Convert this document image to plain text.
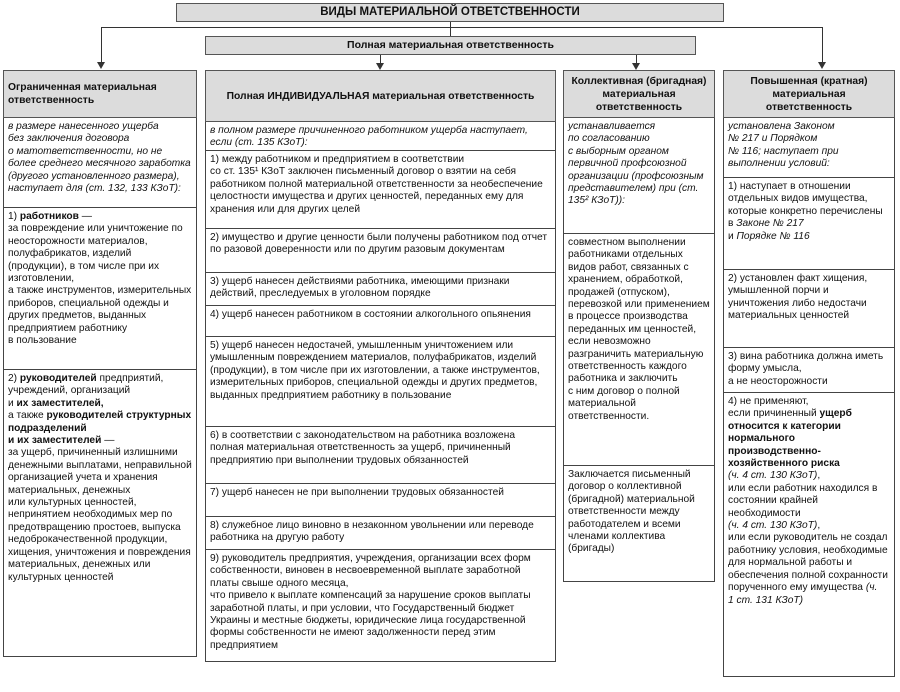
ВИДЫ МАТЕРИАЛЬНОЙ ОТВЕТСТВЕННОСТИ
Полная материальная ответственность
Ограниченная материальная ответственность
в размере нанесенного ущерба
без заключения договора
о матответственности, но не более среднего месячного заработка (другого установленного размера), наступает для (ст. 132, 133 КЗоТ):
1) работников —
за повреждение или уничтожение по неосторожности материалов, полуфабрикатов, изделий (продукции), в том числе при их изготовлении,
а также инструментов, измерительных приборов, специальной одежды и других предметов, выданных предприятием работнику
в пользование
2) руководителей предприятий, учреждений, организаций
и их заместителей,
а также руководителей структурных подразделений
и их заместителей —
за ущерб, причиненный излишними денежными выплатами, неправильной организацией учета и хранения материальных, денежных
или культурных ценностей, непринятием необходимых мер по предотвращению простоев, выпуска недоброкачественной продукции, хищения, уничтожения и повреждения материальных, денежных или культурных ценностей
Полная ИНДИВИДУАЛЬНАЯ материальная ответственность
в полном размере причиненного работником ущерба наступает, если (ст. 135 КЗоТ):
1) между работником и предприятием в соответствии
со ст. 135¹ КЗоТ заключен письменный договор о взятии на себя работником полной материальной ответственности за необеспечение целостности имущества и других ценностей, переданных ему для хранения или для других целей
2) имущество и другие ценности были получены работником под отчет по разовой доверенности или по другим разовым документам
3) ущерб нанесен действиями работника, имеющими признаки действий, преследуемых в уголовном порядке
4) ущерб нанесен работником в состоянии алкогольного опьянения
5) ущерб нанесен недостачей, умышленным уничтожением или умышленным повреждением материалов, полуфабрикатов, изделий (продукции), в том числе при их изготовлении, а также инструментов, измерительных приборов, специальной одежды и других предметов, выданных предприятием работнику в пользование
6) в соответствии с законодательством на работника возложена полная материальная ответственность за ущерб, причиненный предприятию при выполнении трудовых обязанностей
7) ущерб нанесен не при выполнении трудовых обязанностей
8) служебное лицо виновно в незаконном увольнении или переводе работника на другую работу
9) руководитель предприятия, учреждения, организации всех форм собственности, виновен в несвоевременной выплате заработной платы свыше одного месяца,
что привело к выплате компенсаций за нарушение сроков выплаты заработной платы, и при условии, что Государственный бюджет Украины и местные бюджеты, юридические лица государственной формы собственности не имеют задолженности перед этим предприятием
Коллективная (бригадная) материальная ответственность
устанавливается
по согласованию
с выборным органом первичной профсоюзной организации (профсоюзным представителем) при (ст. 135² КЗоТ)):
совместном выполнении работниками отдельных видов работ, связанных с хранением, обработкой, продажей (отпуском), перевозкой или применением в процессе производства переданных им ценностей, если невозможно разграничить материальную ответственность каждого работника и заключить
с ним договор о полной материальной ответственности.
Заключается письменный договор о коллективной (бригадной) материальной ответственности между работодателем и всеми членами коллектива (бригады)
Повышенная (кратная) материальная ответственность
установлена Законом
№ 217 и Порядком
№ 116; наступает при выполнении условий:
1) наступает в отношении отдельных видов имущества, которые конкретно перечислены
в Законе № 217
и Порядке № 116
2) установлен факт хищения, умышленной порчи и уничтожения либо недостачи материальных ценностей
3) вина работника должна иметь форму умысла,
а не неосторожности
4) не применяют,
если причиненный ущерб относится к категории нормального производственно-хозяйственного риска
(ч. 4 ст. 130 КЗоТ),
или если работник находился в состоянии крайней необходимости
(ч. 4 ст. 130 КЗоТ),
или если руководитель не создал работнику условия, необходимые для нормальной работы и обеспечения полной сохранности порученного ему имущества (ч.
1 ст. 131 КЗоТ)
